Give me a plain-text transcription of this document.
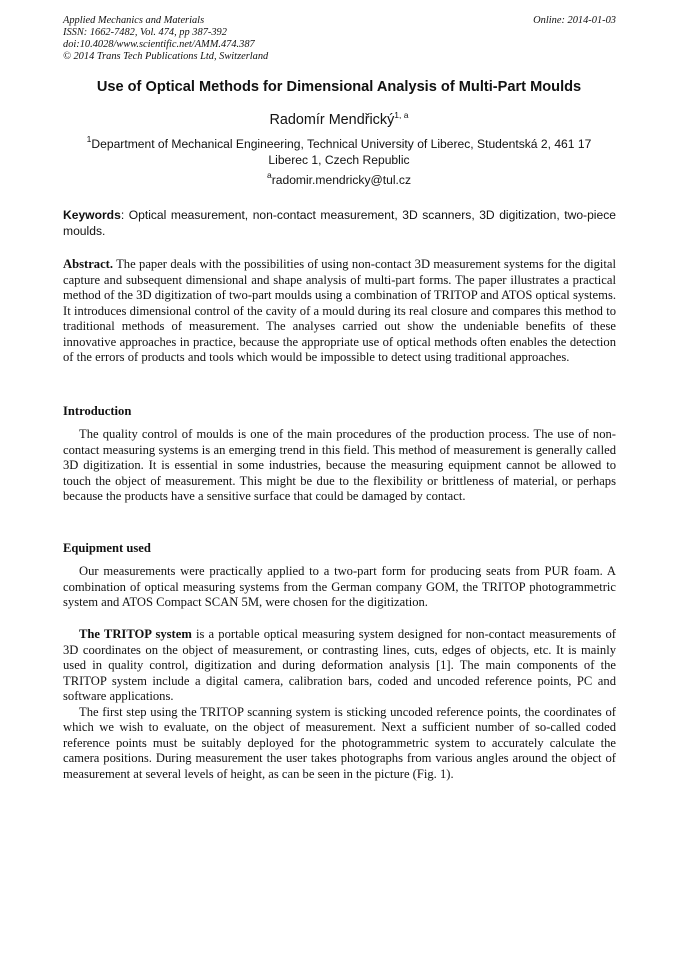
Applied Mechanics and Materials
ISSN: 1662-7482, Vol. 474, pp 387-392
doi:10.4028/www.scientific.net/AMM.474.387
© 2014 Trans Tech Publications Ltd, Switzerland
Online: 2014-01-03
Use of Optical Methods for Dimensional Analysis of Multi-Part Moulds
Radomír Mendřický$^{1, a}$
$^1$Department of Mechanical Engineering, Technical University of Liberec, Studentská 2, 461 17
Liberec 1, Czech Republic
$^a$radomir.mendricky@tul.cz
Keywords: Optical measurement, non-contact measurement, 3D scanners, 3D digitization, two-piece moulds.

Abstract. The paper deals with the possibilities of using non-contact 3D measurement systems for the digital capture and subsequent dimensional and shape analysis of multi-part forms. The paper illustrates a practical method of the 3D digitization of two-part moulds using a combination of TRITOP and ATOS optical systems. It introduces dimensional control of the cavity of a mould during its real closure and compares this method to traditional methods of measurement. The analyses carried out show the undeniable benefits of these innovative approaches in practice, because the appropriate use of optical methods often enables the detection of the errors of products and tools which would be impossible to detect using traditional approaches.

Introduction

The quality control of moulds is one of the main procedures of the production process. The use of non-contact measuring systems is an emerging trend in this field. This method of measurement is generally called 3D digitization. It is essential in some industries, because the measuring equipment cannot be allowed to touch the object of measurement. This might be due to the flexibility or brittleness of material, or perhaps because the products have a sensitive surface that could be damaged by contact.

Equipment used

Our measurements were practically applied to a two-part form for producing seats from PUR foam. A combination of optical measuring systems from the German company GOM, the TRITOP photogrammetric system and ATOS Compact SCAN 5M, were chosen for the digitization.

The TRITOP system is a portable optical measuring system designed for non-contact measurements of 3D coordinates on the object of measurement, or contrasting lines, cuts, edges of objects, etc. It is mainly used in quality control, digitization and during deformation analysis [1]. The main components of the TRITOP system include a digital camera, calibration bars, coded and uncoded reference points, PC and software applications.

The first step using the TRITOP scanning system is sticking uncoded reference points, the coordinates of which we wish to evaluate, on the object of measurement. Next a sufficient number of so-called coded reference points must be suitably deployed for the photogrammetric system to accurately calculate the camera positions. During measurement the user takes photographs from various angles around the object of measurement at several levels of height, as can be seen in the picture (Fig. 1).
